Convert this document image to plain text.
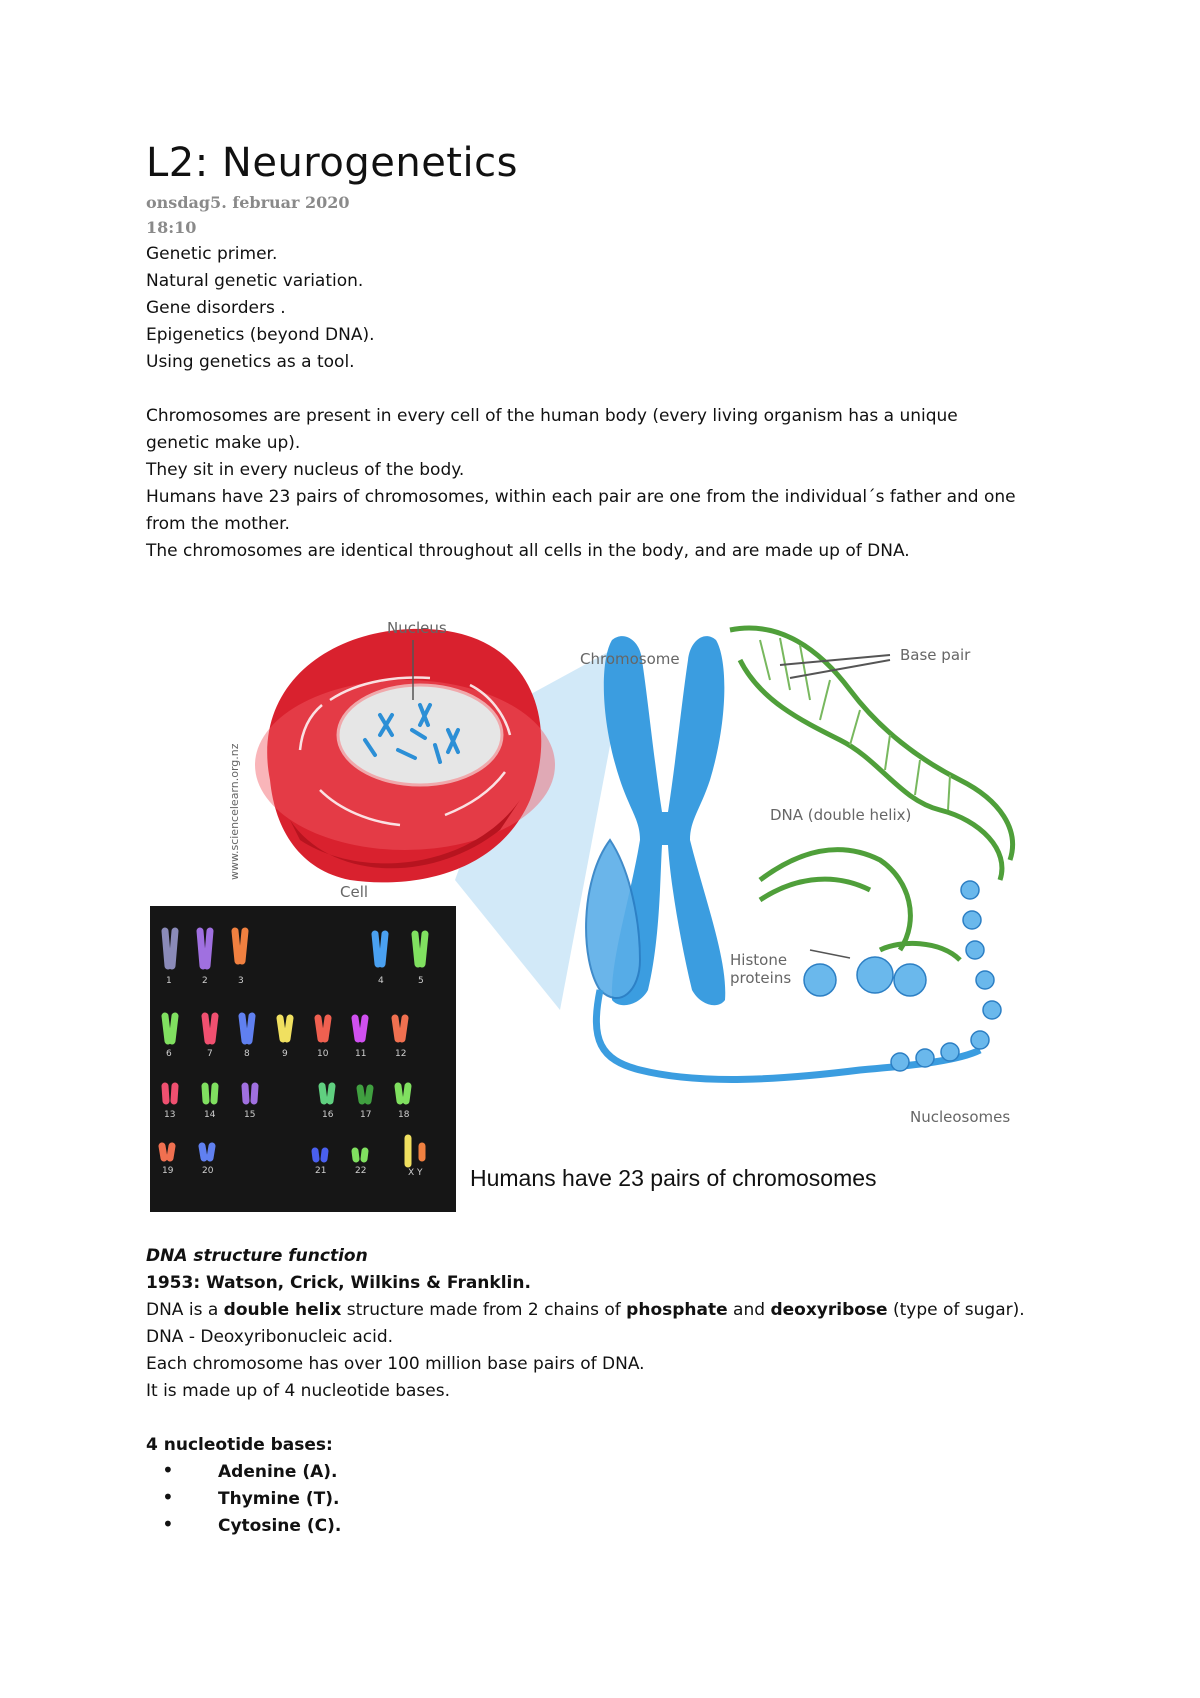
L2: Neurogenetics
onsdag5. februar 2020
18:10
Genetic primer.
Natural genetic variation.
Gene disorders .
Epigenetics (beyond DNA).
Using genetics as a tool.
Chromosomes are present in every cell of the human body (every living organism has a unique
genetic make up).
They sit in every nucleus of the body.
Humans have 23 pairs of chromosomes, within each pair are one from the individual´s father and one
from the mother.
The chromosomes are identical throughout all cells in the body, and are made up of DNA.
Nucleus
Chromosome	Base pair
DNA (double helix)
Histone
proteins
Nucleosomes
Cell
www.sciencelearn.org.nz
Humans have 23 pairs of chromosomes
1	2	3	4	5
6	7	8	9	10	11	12
13	14	15	16	17	18
19	20	21	22	X Y
DNA structure function
1953: Watson, Crick, Wilkins & Franklin.
DNA is a double helix structure made from 2 chains of phosphate and deoxyribose (type of sugar).
DNA - Deoxyribonucleic acid.
Each chromosome has over 100 million base pairs of DNA.
It is made up of 4 nucleotide bases.
4 nucleotide bases:
•	Adenine (A).
•	Thymine (T).
•	Cytosine (C).
